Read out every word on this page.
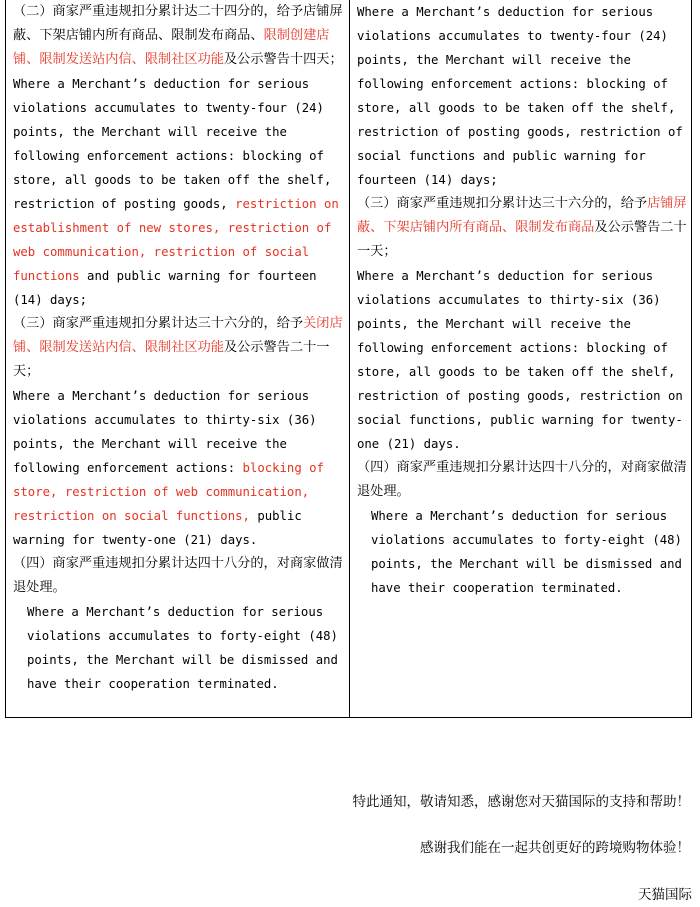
（二）商家严重违规扣分累计达二十四分的，给予店铺屏蔽、下架店铺内所有商品、限制发布商品、限制创建店铺、限制发送站内信、限制社区功能及公示警告十四天；

Where a Merchant’s deduction for serious violations accumulates to twenty-four (24) points, the Merchant will receive the following enforcement actions: blocking of store, all goods to be taken off the shelf, restriction of posting goods, restriction on establishment of new stores, restriction of web communication, restriction of social functions and public warning for fourteen (14) days;

（三）商家严重违规扣分累计达三十六分的，给予关闭店铺、限制发送站内信、限制社区功能及公示警告二十一天；

Where a Merchant’s deduction for serious violations accumulates to thirty-six (36) points, the Merchant will receive the following enforcement actions: blocking of store, restriction of web communication, restriction on social functions, public warning for twenty-one (21) days.

（四）商家严重违规扣分累计达四十八分的，对商家做清退处理。

Where a Merchant’s deduction for serious violations accumulates to forty-eight (48) points, the Merchant will be dismissed and have their cooperation terminated.

Where a Merchant’s deduction for serious violations accumulates to twenty-four (24) points, the Merchant will receive the following enforcement actions: blocking of store, all goods to be taken off the shelf, restriction of posting goods, restriction of social functions and public warning for fourteen (14) days;

（三）商家严重违规扣分累计达三十六分的，给予店铺屏蔽、下架店铺内所有商品、限制发布商品及公示警告二十一天；

Where a Merchant’s deduction for serious violations accumulates to thirty-six (36) points, the Merchant will receive the following enforcement actions: blocking of store, all goods to be taken off the shelf, restriction of posting goods, restriction on social functions, public warning for twenty-one (21) days.

（四）商家严重违规扣分累计达四十八分的，对商家做清退处理。

Where a Merchant’s deduction for serious violations accumulates to forty-eight (48) points, the Merchant will be dismissed and have their cooperation terminated.

特此通知，敬请知悉，感谢您对天猫国际的支持和帮助！
感谢我们能在一起共创更好的跨境购物体验！
天猫国际
